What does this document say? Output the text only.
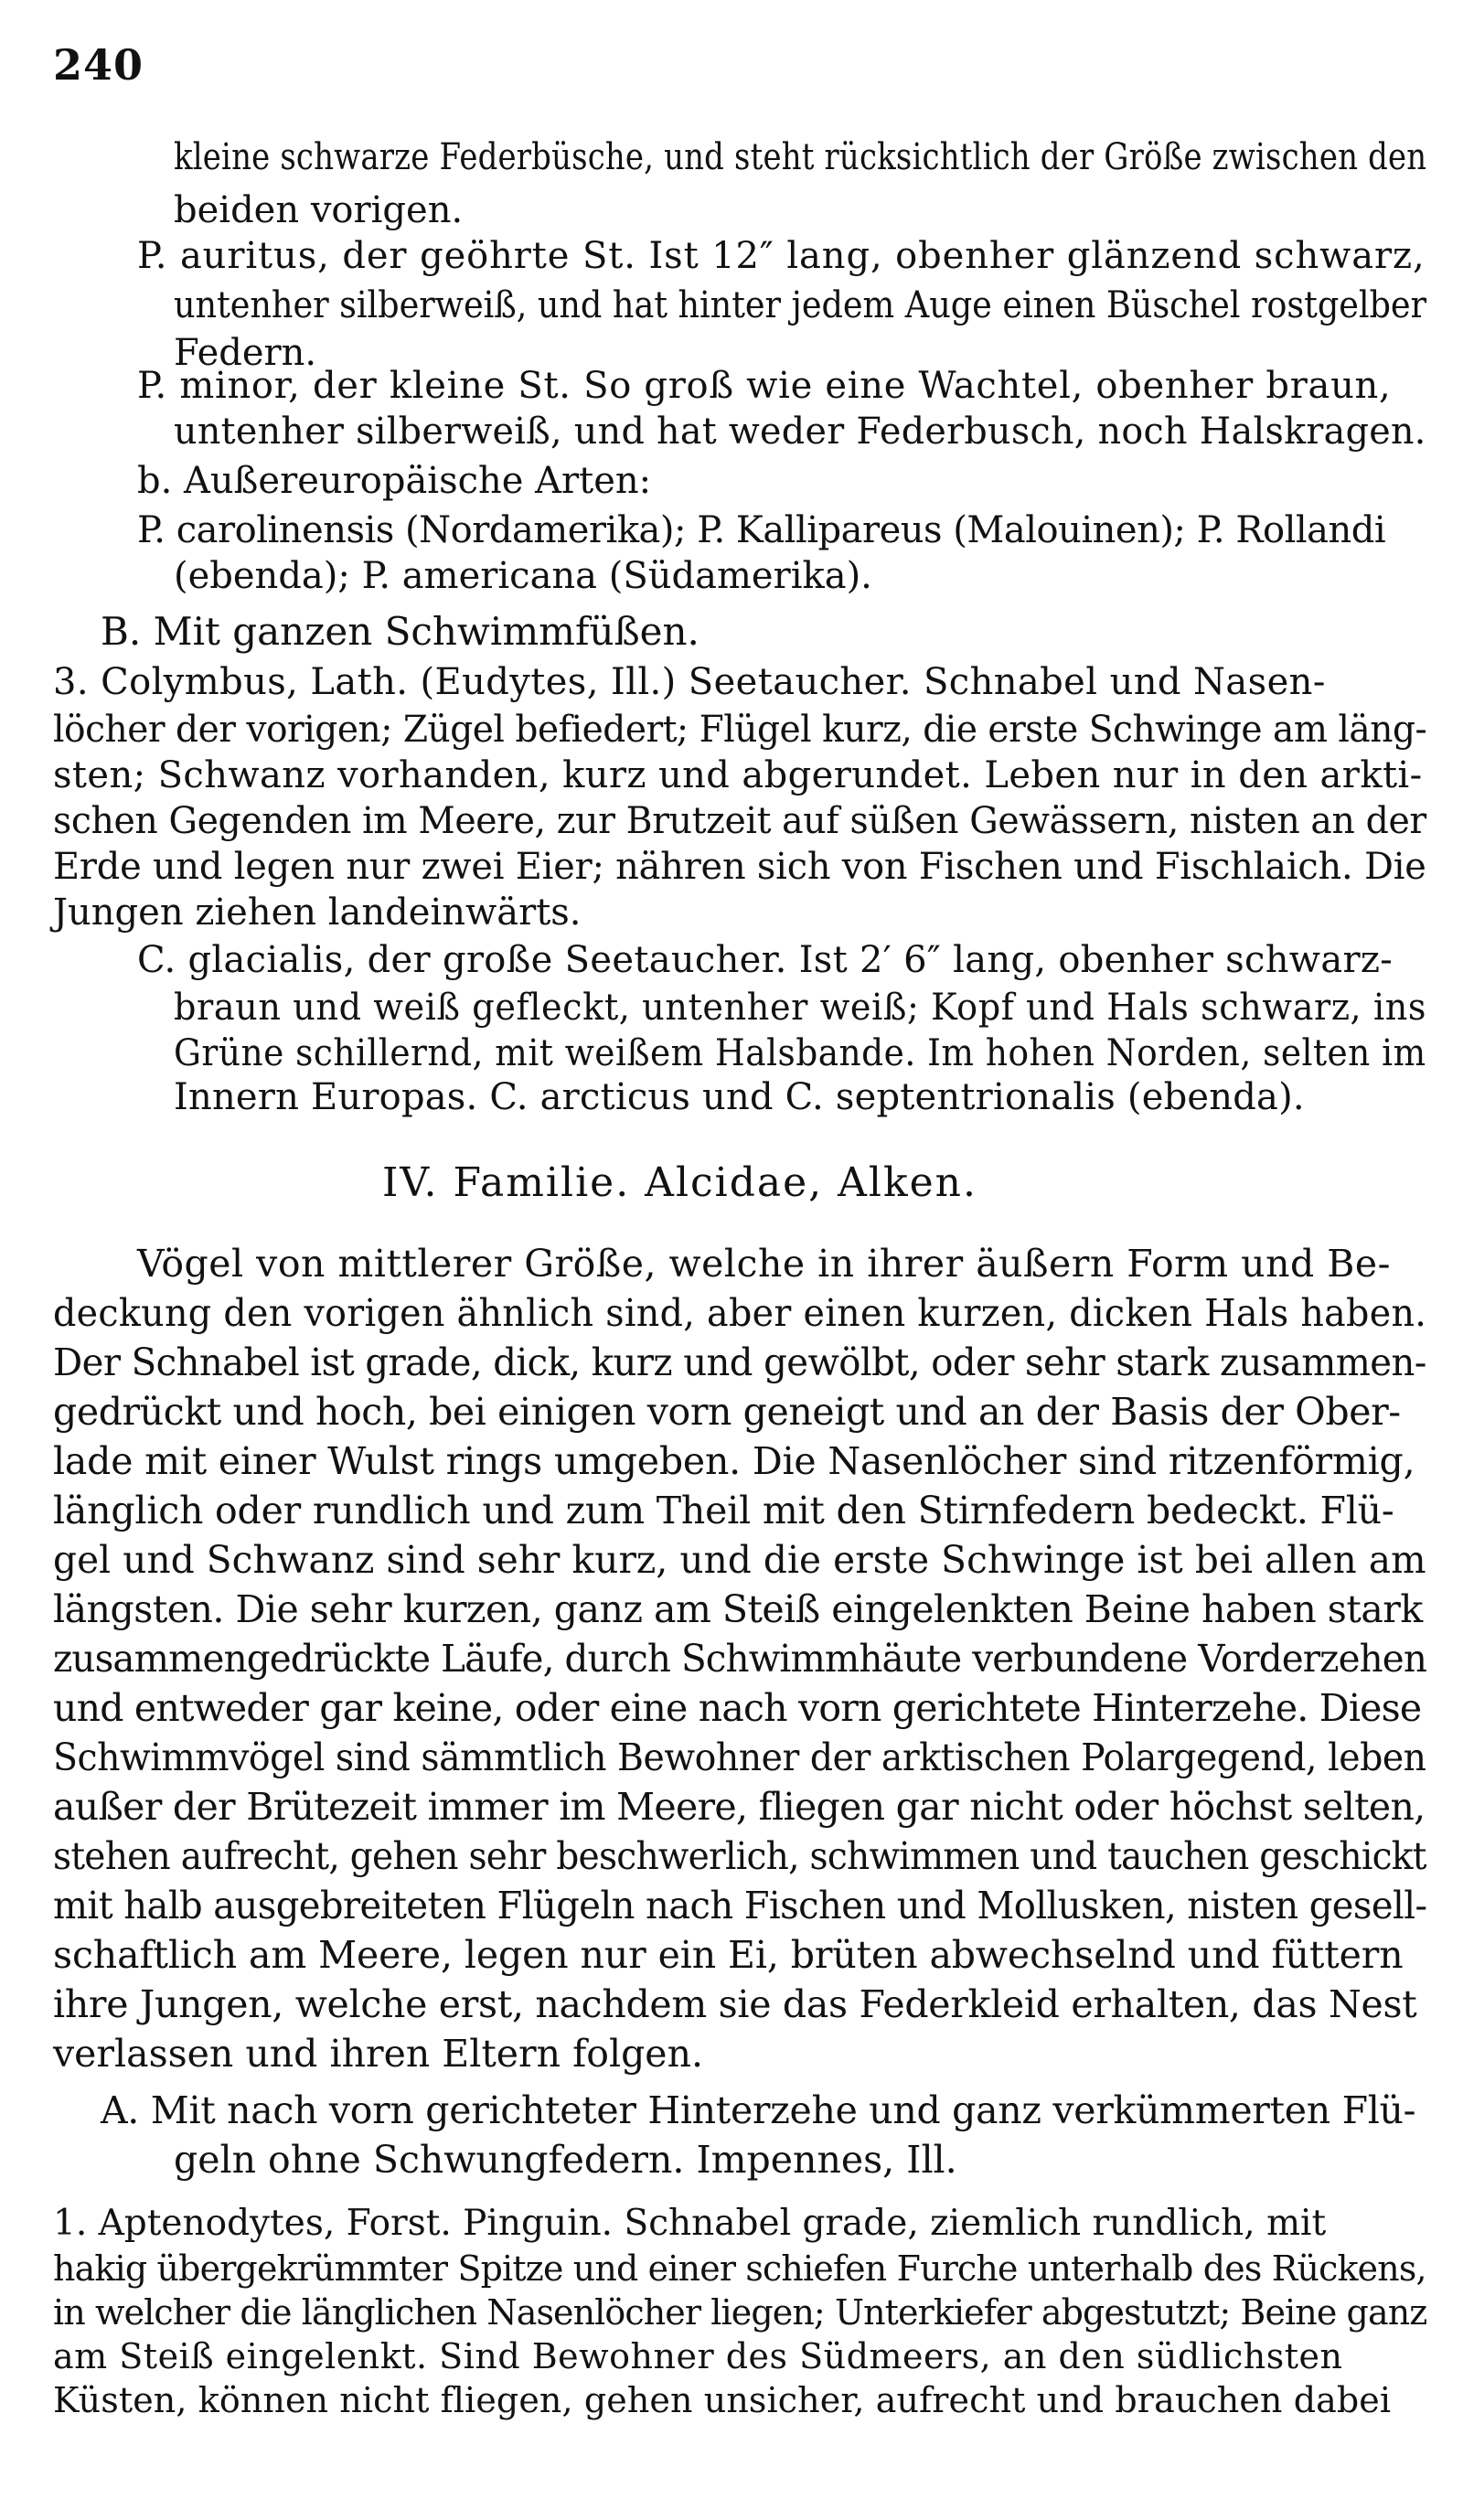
240
kleine schwarze Federbüsche, und steht rücksichtlich der Größe zwischen den
beiden vorigen.
P. auritus, der geöhrte St. Ist 12″ lang, obenher glänzend schwarz,
untenher silberweiß, und hat hinter jedem Auge einen Büschel rostgelber
Federn.
P. minor, der kleine St. So groß wie eine Wachtel, obenher braun,
untenher silberweiß, und hat weder Federbusch, noch Halskragen.
b. Außereuropäische Arten:
P. carolinensis (Nordamerika); P. Kallipareus (Malouinen); P. Rollandi
(ebenda); P. americana (Südamerika).
B. Mit ganzen Schwimmfüßen.
3. Colymbus, Lath. (Eudytes, Ill.) Seetaucher. Schnabel und Nasen-
löcher der vorigen; Zügel befiedert; Flügel kurz, die erste Schwinge am läng-
sten; Schwanz vorhanden, kurz und abgerundet. Leben nur in den arkti-
schen Gegenden im Meere, zur Brutzeit auf süßen Gewässern, nisten an der
Erde und legen nur zwei Eier; nähren sich von Fischen und Fischlaich. Die
Jungen ziehen landeinwärts.
C. glacialis, der große Seetaucher. Ist 2′ 6″ lang, obenher schwarz-
braun und weiß gefleckt, untenher weiß; Kopf und Hals schwarz, ins
Grüne schillernd, mit weißem Halsbande. Im hohen Norden, selten im
Innern Europas. C. arcticus und C. septentrionalis (ebenda).
IV. Familie. Alcidae, Alken.
Vögel von mittlerer Größe, welche in ihrer äußern Form und Be-
deckung den vorigen ähnlich sind, aber einen kurzen, dicken Hals haben.
Der Schnabel ist grade, dick, kurz und gewölbt, oder sehr stark zusammen-
gedrückt und hoch, bei einigen vorn geneigt und an der Basis der Ober-
lade mit einer Wulst rings umgeben. Die Nasenlöcher sind ritzenförmig,
länglich oder rundlich und zum Theil mit den Stirnfedern bedeckt. Flü-
gel und Schwanz sind sehr kurz, und die erste Schwinge ist bei allen am
längsten. Die sehr kurzen, ganz am Steiß eingelenkten Beine haben stark
zusammengedrückte Läufe, durch Schwimmhäute verbundene Vorderzehen
und entweder gar keine, oder eine nach vorn gerichtete Hinterzehe. Diese
Schwimmvögel sind sämmtlich Bewohner der arktischen Polargegend, leben
außer der Brütezeit immer im Meere, fliegen gar nicht oder höchst selten,
stehen aufrecht, gehen sehr beschwerlich, schwimmen und tauchen geschickt
mit halb ausgebreiteten Flügeln nach Fischen und Mollusken, nisten gesell-
schaftlich am Meere, legen nur ein Ei, brüten abwechselnd und füttern
ihre Jungen, welche erst, nachdem sie das Federkleid erhalten, das Nest
verlassen und ihren Eltern folgen.
A. Mit nach vorn gerichteter Hinterzehe und ganz verkümmerten Flü-
geln ohne Schwungfedern. Impennes, Ill.
1. Aptenodytes, Forst. Pinguin. Schnabel grade, ziemlich rundlich, mit
hakig übergekrümmter Spitze und einer schiefen Furche unterhalb des Rückens,
in welcher die länglichen Nasenlöcher liegen; Unterkiefer abgestutzt; Beine ganz
am Steiß eingelenkt. Sind Bewohner des Südmeers, an den südlichsten
Küsten, können nicht fliegen, gehen unsicher, aufrecht und brauchen dabei
